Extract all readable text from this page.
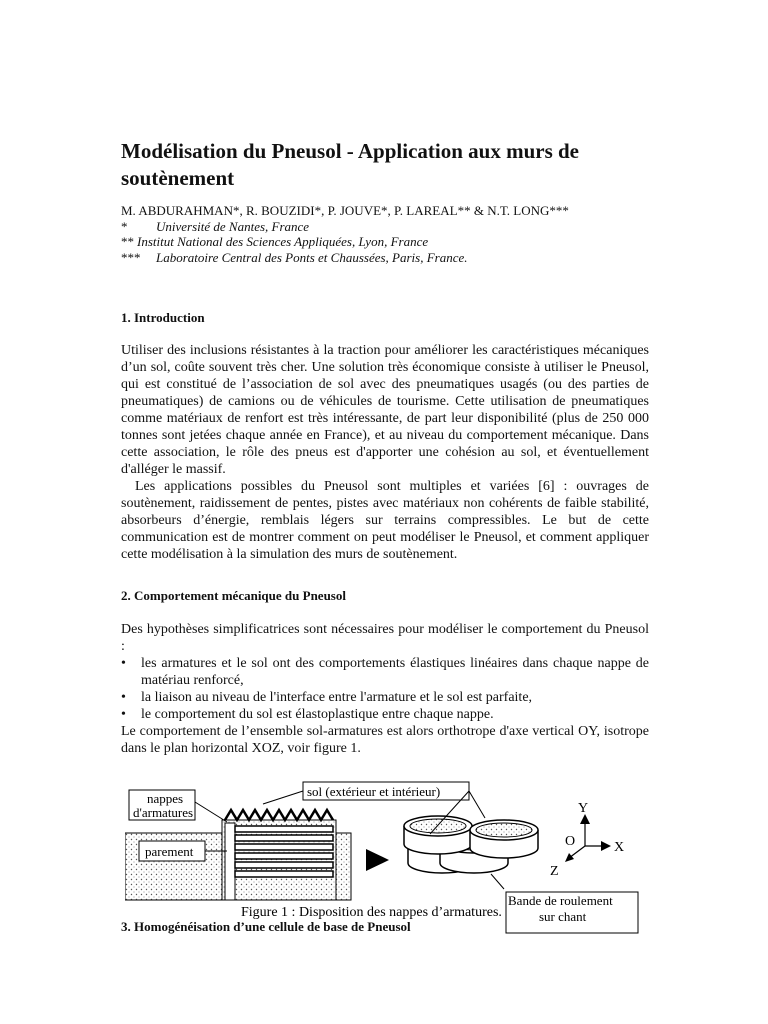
Modélisation du Pneusol - Application aux murs de soutènement
M. ABDURAHMAN*, R. BOUZIDI*, P. JOUVE*, P. LAREAL** & N.T. LONG***
* Université de Nantes, France
** Institut National des Sciences Appliquées, Lyon, France
*** Laboratoire Central des Ponts et Chaussées, Paris, France.
1. Introduction

Utiliser des inclusions résistantes à la traction pour améliorer les caractéristiques mécaniques d’un sol, coûte souvent très cher. Une solution très économique consiste à utiliser le Pneusol, qui est constitué de l’association de sol avec des pneumatiques usagés (ou des parties de pneumatiques) de camions ou de véhicules de tourisme. Cette utilisation de pneumatiques comme matériaux de renfort est très intéressante, de part leur disponibilité (plus de 250 000 tonnes sont jetées chaque année en France), et au niveau du comportement mécanique. Dans cette association, le rôle des pneus est d'apporter une cohésion au sol, et éventuellement d'alléger le massif.

Les applications possibles du Pneusol sont multiples et variées [6] : ouvrages de soutènement, raidissement de pentes, pistes avec matériaux non cohérents de faible stabilité, absorbeurs d’énergie, remblais légers sur terrains compressibles. Le but de cette communication est de montrer comment on peut modéliser le Pneusol, et comment appliquer cette modélisation à la simulation des murs de soutènement.

2. Comportement mécanique du Pneusol

Des hypothèses simplificatrices sont nécessaires pour modéliser le comportement du Pneusol :

• les armatures et le sol ont des comportements élastiques linéaires dans chaque nappe de matériau renforcé,
• la liaison au niveau de l'interface entre l'armature et le sol est parfaite,
• le comportement du sol est élastoplastique entre chaque nappe.

Le comportement de l’ensemble sol-armatures est alors orthotrope d'axe vertical OY, isotrope dans le plan horizontal XOZ, voir figure 1.

nappes
d'armatures
parement
sol (extérieur et intérieur)
Y
O	X
Z
Bande de roulement
sur chant
Figure 1 : Disposition des nappes d’armatures.
3. Homogénéisation d’une cellule de base de Pneusol
